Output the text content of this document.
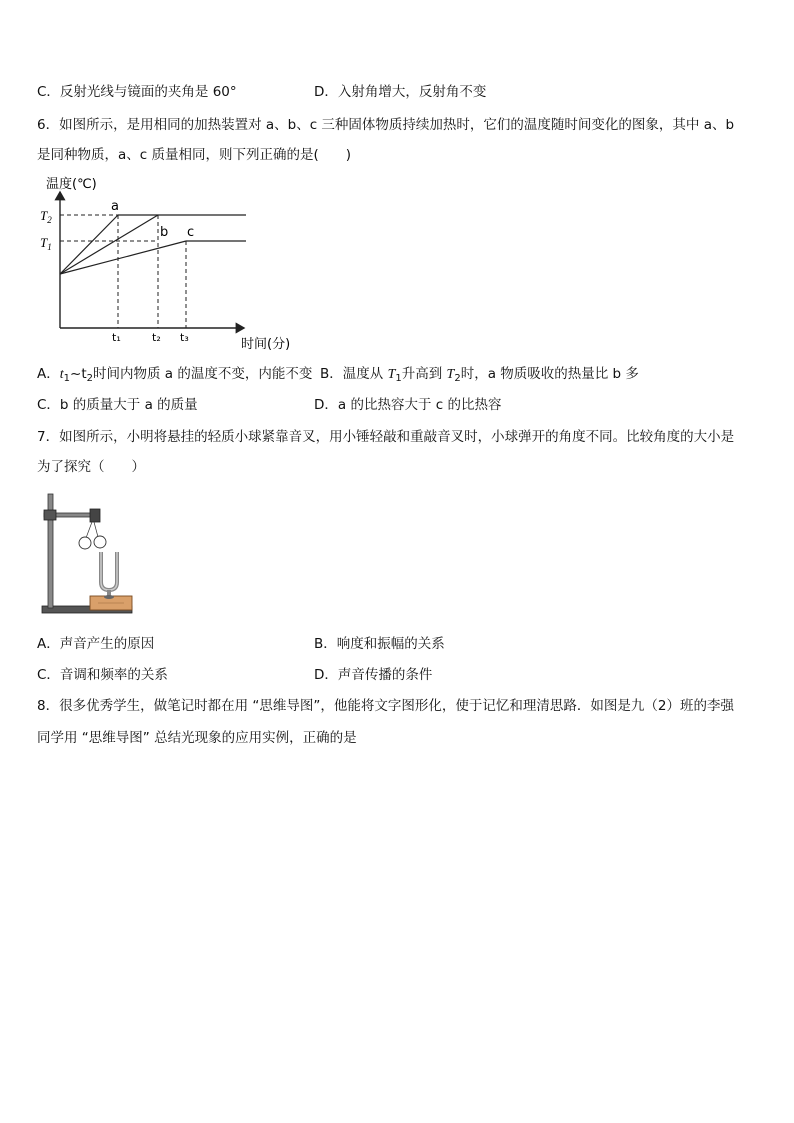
C．反射光线与镜面的夹角是 60°	D．入射角增大，反射角不变
6．如图所示，是用相同的加热装置对 a、b、c 三种固体物质持续加热时，它们的温度随时间变化的图象，其中 a、b
是同种物质，a、c 质量相同，则下列正确的是(　　)
温度(℃)
时间(分)
$T_2$
$T_1$
a
b c
t₁	t₂ t₃
A．$t_1\sim t_2$时间内物质 a 的温度不变，内能不变 B．温度从 $T_1$升高到 $T_2$时，a 物质吸收的热量比 b 多
C．b 的质量大于 a 的质量	D．a 的比热容大于 c 的比热容
7．如图所示，小明将悬挂的轻质小球紧靠音叉，用小锤轻敲和重敲音叉时，小球弹开的角度不同。比较角度的大小是
为了探究（　　）
A．声音产生的原因	B．响度和振幅的关系
C．音调和频率的关系	D．声音传播的条件
8．很多优秀学生，做笔记时都在用 “思维导图”，他能将文字图形化，使于记忆和理清思路．如图是九（2）班的李强
同学用 “思维导图” 总结光现象的应用实例，正确的是
